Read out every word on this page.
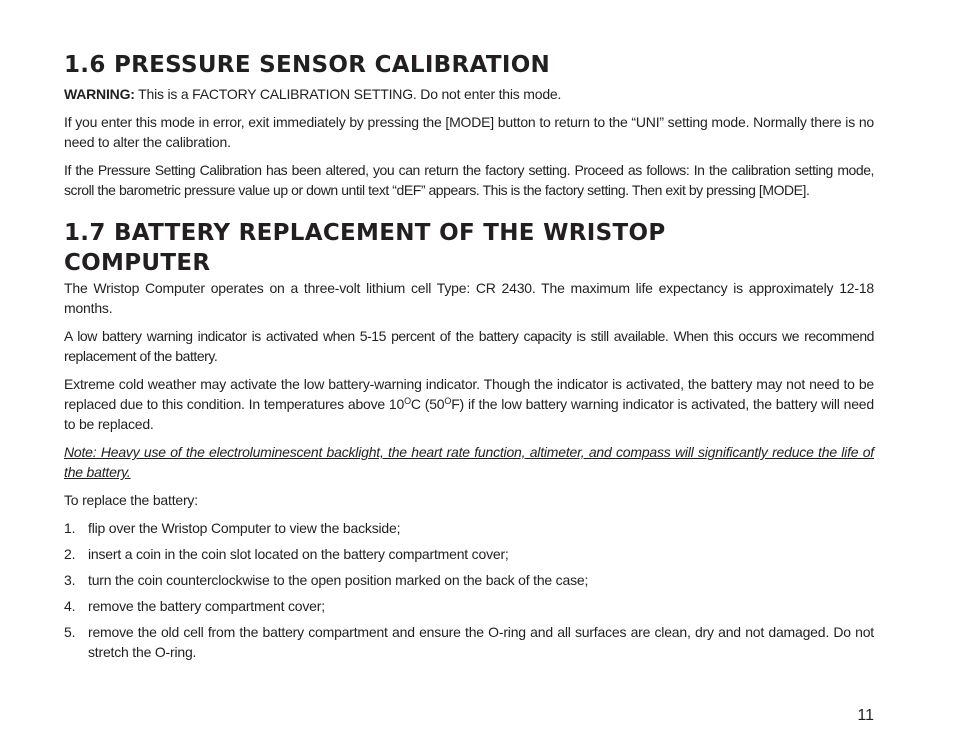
1.6 PRESSURE SENSOR CALIBRATION

WARNING: This is a FACTORY CALIBRATION SETTING. Do not enter this mode.

If you enter this mode in error, exit immediately by pressing the [MODE] button to return to the “UNI” setting mode. Normally there is no need to alter the calibration.

If the Pressure Setting Calibration has been altered, you can return the factory setting. Proceed as follows: In the calibration setting mode, scroll the barometric pressure value up or down until text “dEF” appears. This is the factory setting. Then exit by pressing [MODE].

1.7 BATTERY REPLACEMENT OF THE WRISTOP COMPUTER

The Wristop Computer operates on a three-volt lithium cell Type: CR 2430. The maximum life expectancy is approximately 12-18 months.

A low battery warning indicator is activated when 5-15 percent of the battery capacity is still available. When this occurs we recommend replacement of the battery.

Extreme cold weather may activate the low battery-warning indicator. Though the indicator is activated, the battery may not need to be replaced due to this condition. In temperatures above $10^OC$ $(50^OF)$ if the low battery warning indicator is activated, the battery will need to be replaced.

Note: Heavy use of the electroluminescent backlight, the heart rate function, altimeter, and compass will significantly reduce the life of the battery.

To replace the battery:

1. flip over the Wristop Computer to view the backside;
2. insert a coin in the coin slot located on the battery compartment cover;
3. turn the coin counterclockwise to the open position marked on the back of the case;
4. remove the battery compartment cover;
5. remove the old cell from the battery compartment and ensure the O-ring and all surfaces are clean, dry and not damaged. Do not stretch the O-ring.
11
